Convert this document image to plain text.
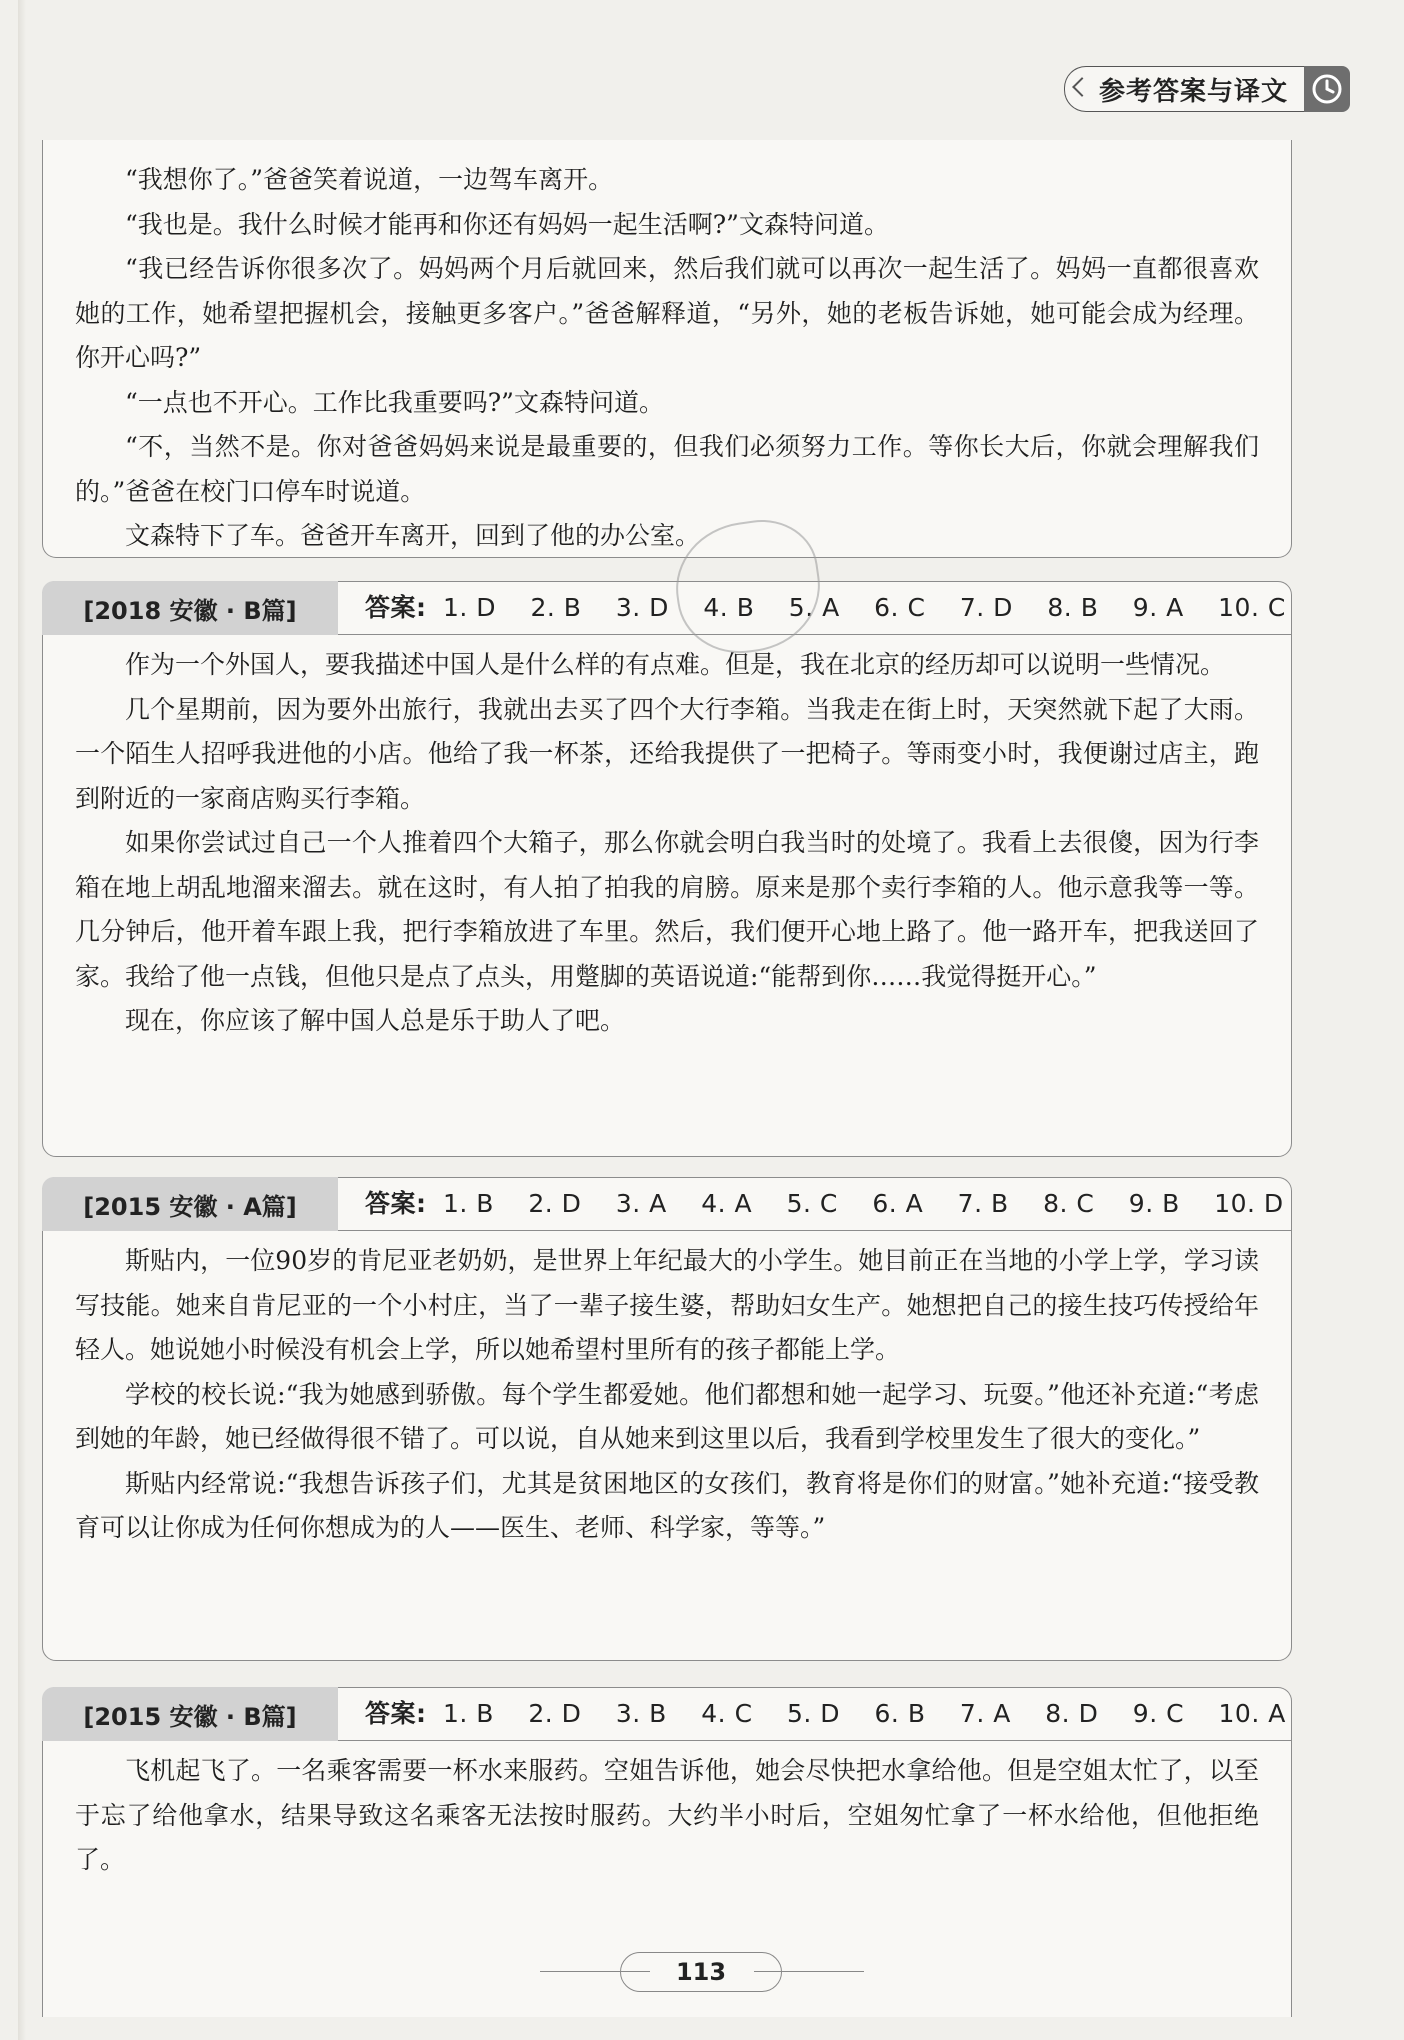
参考答案与译文

“我想你了。”爸爸笑着说道，一边驾车离开。

“我也是。我什么时候才能再和你还有妈妈一起生活啊?”文森特问道。

“我已经告诉你很多次了。妈妈两个月后就回来，然后我们就可以再次一起生活了。妈妈一直都很喜欢她的工作，她希望把握机会，接触更多客户。”爸爸解释道，“另外，她的老板告诉她，她可能会成为经理。你开心吗?”

“一点也不开心。工作比我重要吗?”文森特问道。

“不，当然不是。你对爸爸妈妈来说是最重要的，但我们必须努力工作。等你长大后，你就会理解我们的。”爸爸在校门口停车时说道。

文森特下了车。爸爸开车离开，回到了他的办公室。

[2018 安徽 · B篇]	答案: 1. D 2. B 3. D 4. B 5. A 6. C 7. D 8. B 9. A 10. C

作为一个外国人，要我描述中国人是什么样的有点难。但是，我在北京的经历却可以说明一些情况。

几个星期前，因为要外出旅行，我就出去买了四个大行李箱。当我走在街上时，天突然就下起了大雨。一个陌生人招呼我进他的小店。他给了我一杯茶，还给我提供了一把椅子。等雨变小时，我便谢过店主，跑到附近的一家商店购买行李箱。

如果你尝试过自己一个人推着四个大箱子，那么你就会明白我当时的处境了。我看上去很傻，因为行李箱在地上胡乱地溜来溜去。就在这时，有人拍了拍我的肩膀。原来是那个卖行李箱的人。他示意我等一等。几分钟后，他开着车跟上我，把行李箱放进了车里。然后，我们便开心地上路了。他一路开车，把我送回了家。我给了他一点钱，但他只是点了点头，用蹩脚的英语说道:“能帮到你……我觉得挺开心。”

现在，你应该了解中国人总是乐于助人了吧。

[2015 安徽 · A篇]	答案: 1. B 2. D 3. A 4. A 5. C 6. A 7. B 8. C 9. B 10. D

斯贴内，一位90岁的肯尼亚老奶奶，是世界上年纪最大的小学生。她目前正在当地的小学上学，学习读写技能。她来自肯尼亚的一个小村庄，当了一辈子接生婆，帮助妇女生产。她想把自己的接生技巧传授给年轻人。她说她小时候没有机会上学，所以她希望村里所有的孩子都能上学。

学校的校长说:“我为她感到骄傲。每个学生都爱她。他们都想和她一起学习、玩耍。”他还补充道:“考虑到她的年龄，她已经做得很不错了。可以说，自从她来到这里以后，我看到学校里发生了很大的变化。”

斯贴内经常说:“我想告诉孩子们，尤其是贫困地区的女孩们，教育将是你们的财富。”她补充道:“接受教育可以让你成为任何你想成为的人——医生、老师、科学家，等等。”

[2015 安徽 · B篇]	答案: 1. B 2. D 3. B 4. C 5. D 6. B 7. A 8. D 9. C 10. A

飞机起飞了。一名乘客需要一杯水来服药。空姐告诉他，她会尽快把水拿给他。但是空姐太忙了，以至于忘了给他拿水，结果导致这名乘客无法按时服药。大约半小时后，空姐匆忙拿了一杯水给他，但他拒绝了。

113
